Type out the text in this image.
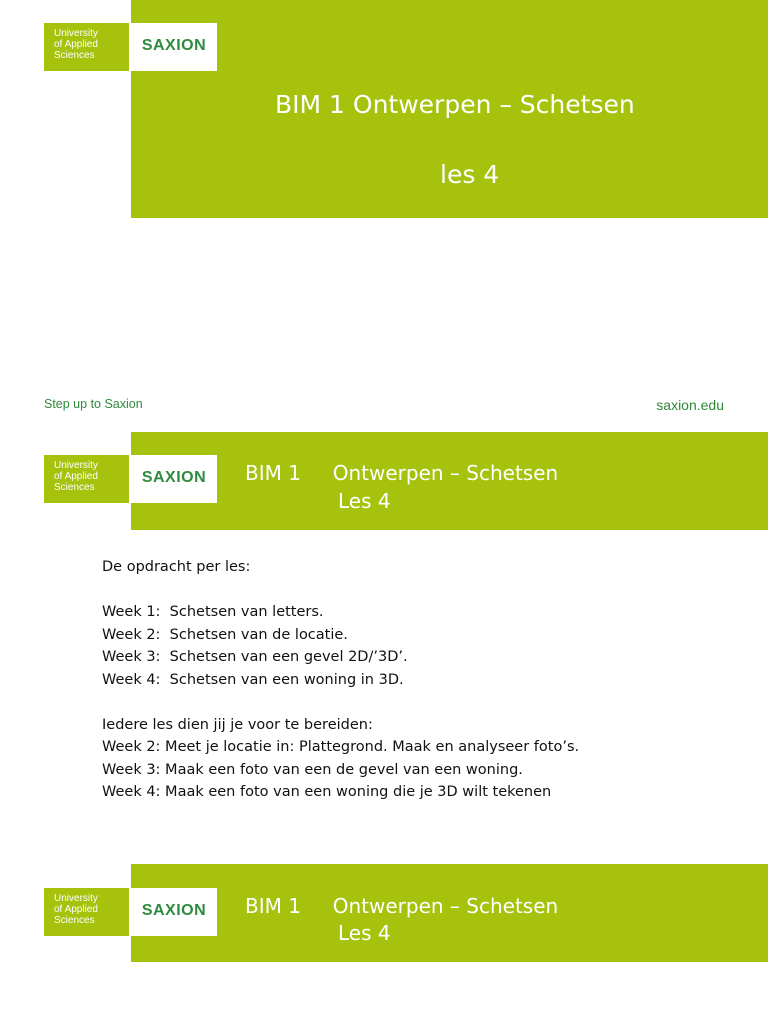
University
of Applied
Sciences
SAXION
BIM 1 Ontwerpen – Schetsen
les 4
Step up to Saxion	saxion.edu
University
of Applied
Sciences
SAXION	BIM 1     Ontwerpen – Schetsen
Les 4
De opdracht per les:
Week 1:  Schetsen van letters.
Week 2:  Schetsen van de locatie.
Week 3:  Schetsen van een gevel 2D/’3D’.
Week 4:  Schetsen van een woning in 3D.
Iedere les dien jij je voor te bereiden:
Week 2: Meet je locatie in: Plattegrond. Maak en analyseer foto’s.
Week 3: Maak een foto van een de gevel van een woning.
Week 4: Maak een foto van een woning die je 3D wilt tekenen
University
of Applied
Sciences
SAXION	BIM 1     Ontwerpen – Schetsen
Les 4
